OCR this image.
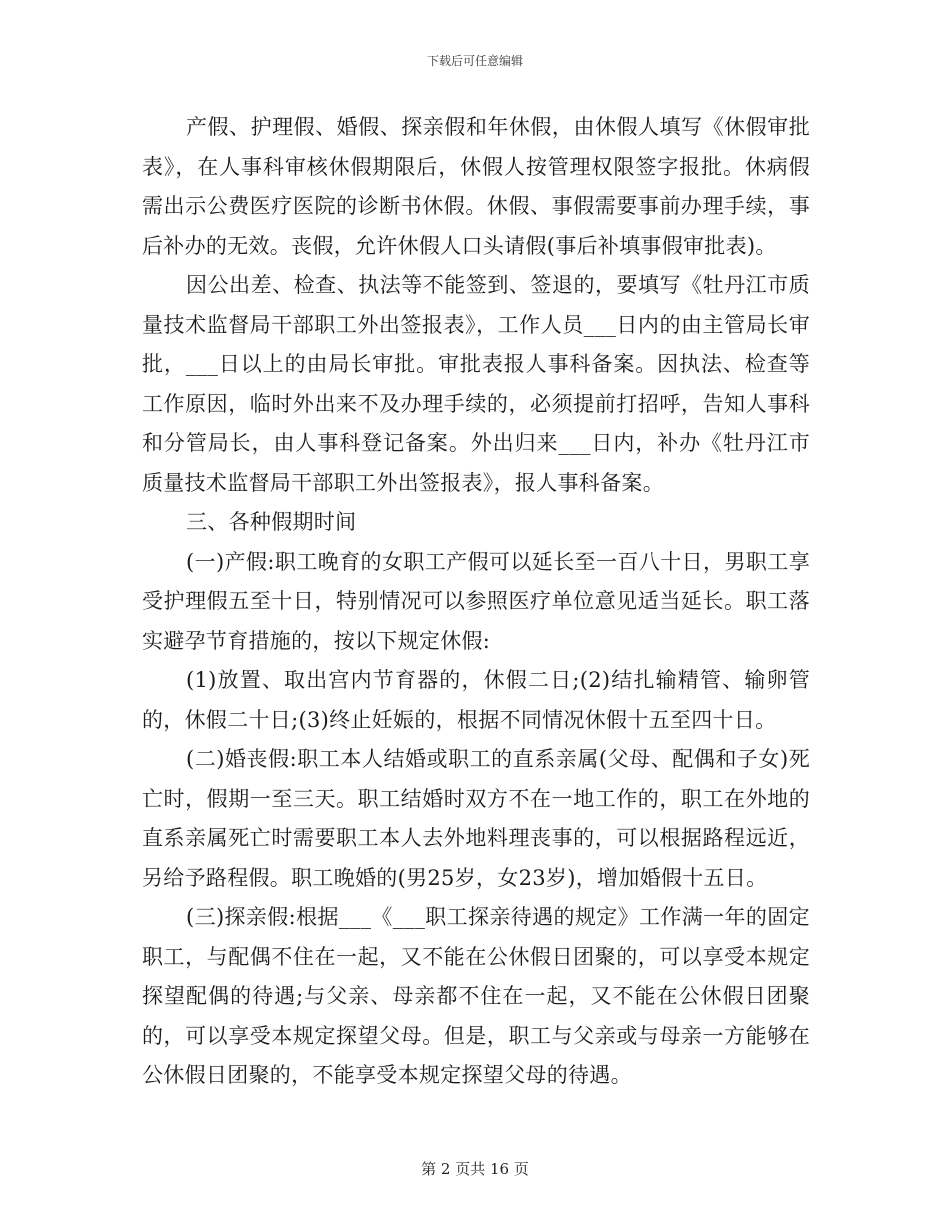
下载后可任意编辑

产假、护理假、婚假、探亲假和年休假，由休假人填写《休假审批表》，在人事科审核休假期限后，休假人按管理权限签字报批。休病假需出示公费医疗医院的诊断书休假。休假、事假需要事前办理手续，事后补办的无效。丧假，允许休假人口头请假(事后补填事假审批表)。

因公出差、检查、执法等不能签到、签退的，要填写《牡丹江市质量技术监督局干部职工外出签报表》，工作人员___日内的由主管局长审批，___日以上的由局长审批。审批表报人事科备案。因执法、检查等工作原因，临时外出来不及办理手续的，必须提前打招呼，告知人事科和分管局长，由人事科登记备案。外出归来___日内，补办《牡丹江市质量技术监督局干部职工外出签报表》，报人事科备案。

三、各种假期时间

(一)产假:职工晚育的女职工产假可以延长至一百八十日，男职工享受护理假五至十日，特别情况可以参照医疗单位意见适当延长。职工落实避孕节育措施的，按以下规定休假:

(1)放置、取出宫内节育器的，休假二日;(2)结扎输精管、输卵管的，休假二十日;(3)终止妊娠的，根据不同情况休假十五至四十日。

(二)婚丧假:职工本人结婚或职工的直系亲属(父母、配偶和子女)死亡时，假期一至三天。职工结婚时双方不在一地工作的，职工在外地的直系亲属死亡时需要职工本人去外地料理丧事的，可以根据路程远近，另给予路程假。职工晚婚的(男25岁，女23岁)，增加婚假十五日。

(三)探亲假:根据___《___职工探亲待遇的规定》工作满一年的固定职工，与配偶不住在一起，又不能在公休假日团聚的，可以享受本规定探望配偶的待遇;与父亲、母亲都不住在一起，又不能在公休假日团聚的，可以享受本规定探望父母。但是，职工与父亲或与母亲一方能够在公休假日团聚的，不能享受本规定探望父母的待遇。

第 2 页共 16 页
